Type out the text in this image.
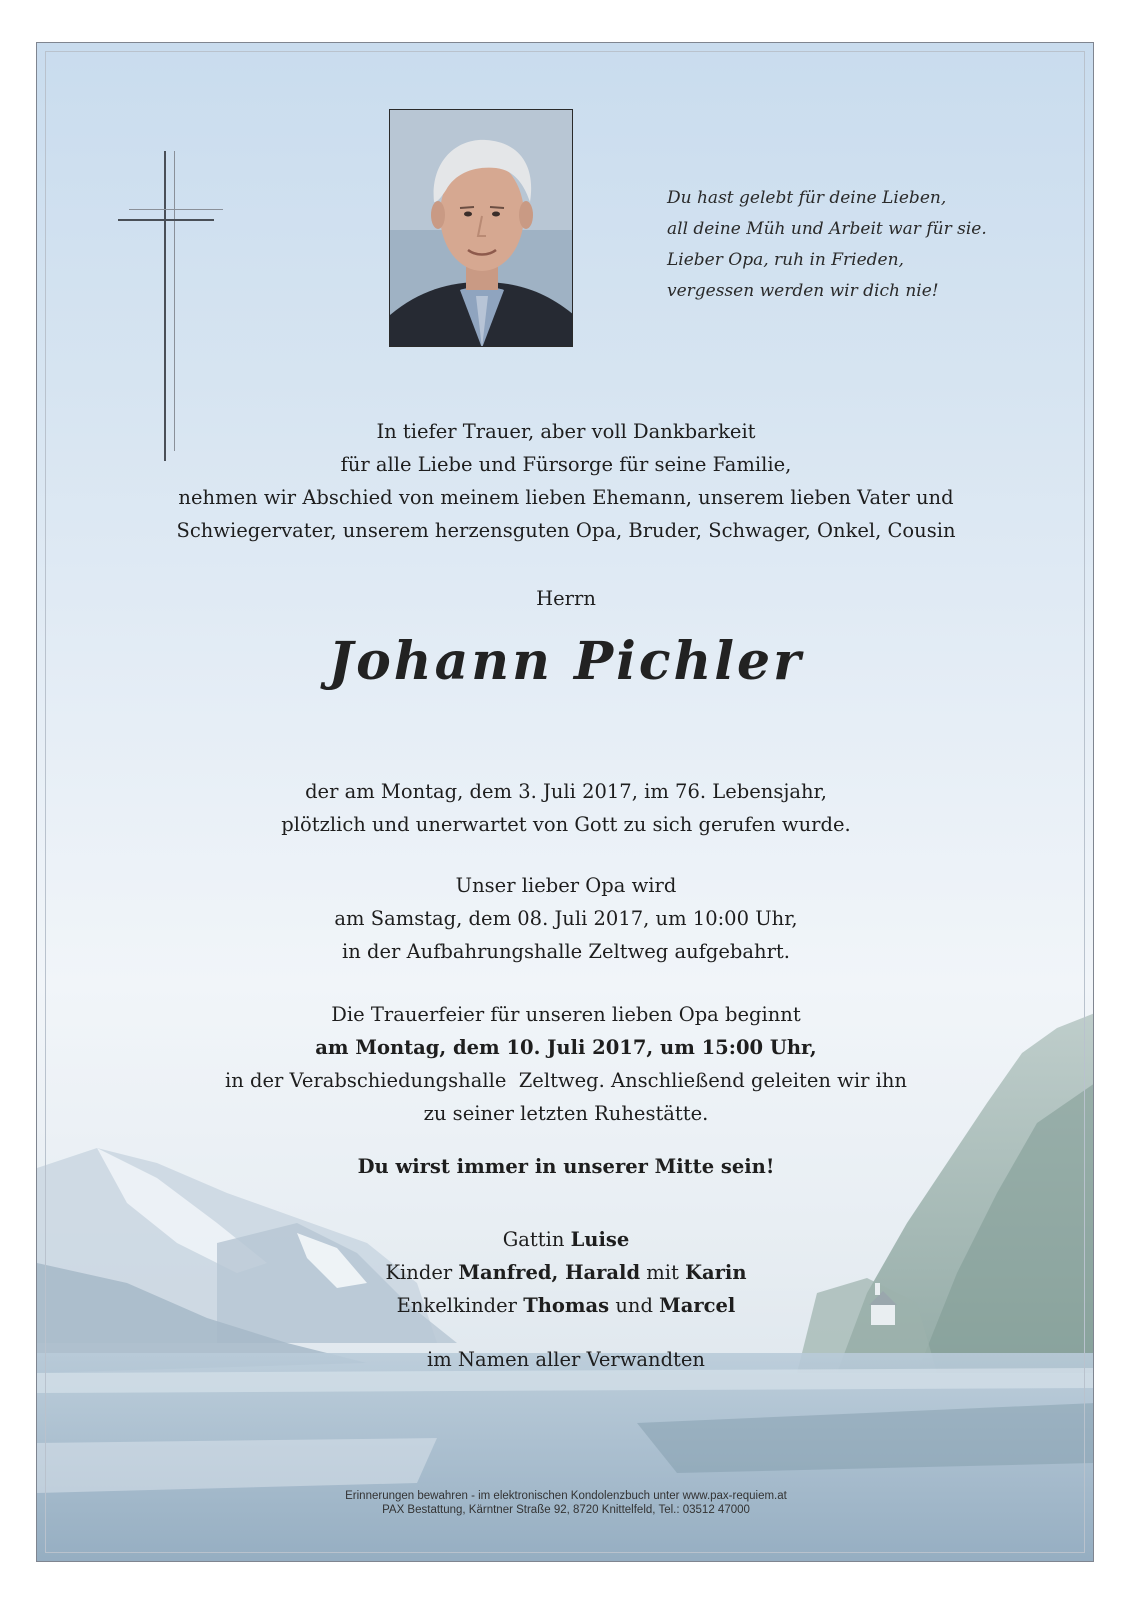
Du hast gelebt für deine Lieben,
all deine Müh und Arbeit war für sie.
Lieber Opa, ruh in Frieden,
vergessen werden wir dich nie!
In tiefer Trauer, aber voll Dankbarkeit
für alle Liebe und Fürsorge für seine Familie,
nehmen wir Abschied von meinem lieben Ehemann, unserem lieben Vater und
Schwiegervater, unserem herzensguten Opa, Bruder, Schwager, Onkel, Cousin
Herrn
Johann Pichler
der am Montag, dem 3. Juli 2017, im 76. Lebensjahr,
plötzlich und unerwartet von Gott zu sich gerufen wurde.
Unser lieber Opa wird
am Samstag, dem 08. Juli 2017, um 10:00 Uhr,
in der Aufbahrungshalle Zeltweg aufgebahrt.
Die Trauerfeier für unseren lieben Opa beginnt
am Montag, dem 10. Juli 2017, um 15:00 Uhr,
in der Verabschiedungshalle  Zeltweg. Anschließend geleiten wir ihn
zu seiner letzten Ruhestätte.
Du wirst immer in unserer Mitte sein!
Gattin Luise
Kinder Manfred, Harald mit Karin
Enkelkinder Thomas und Marcel
im Namen aller Verwandten
Erinnerungen bewahren - im elektronischen Kondolenzbuch unter www.pax-requiem.at
PAX Bestattung, Kärntner Straße 92, 8720 Knittelfeld, Tel.: 03512 47000
